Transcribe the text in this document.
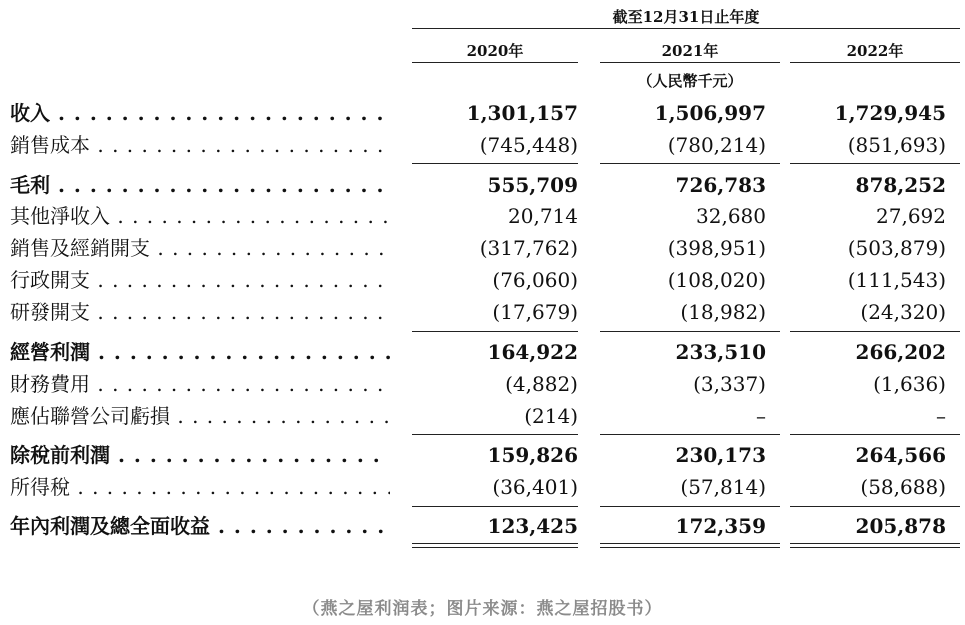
截至12月31日止年度
2020年	2021年	2022年
（人民幣千元）
收入 . . .	1,301,157	1,506,997	1,729,945
銷售成本 . . .	(745,448)	(780,214)	(851,693)
毛利 . . .	555,709	726,783	878,252
其他淨收入 . . .	20,714	32,680	27,692
銷售及經銷開支 . . .	(317,762)	(398,951)	(503,879)
行政開支 . . .	(76,060)	(108,020)	(111,543)
研發開支 . . .	(17,679)	(18,982)	(24,320)
經營利潤 . . .	164,922	233,510	266,202
財務費用 . . .	(4,882)	(3,337)	(1,636)
應佔聯營公司虧損 . . .	(214)	–	–
除稅前利潤 . . .	159,826	230,173	264,566
所得稅 . . .	(36,401)	(57,814)	(58,688)
年內利潤及總全面收益 . . .	123,425	172,359	205,878
（燕之屋利润表；图片来源：燕之屋招股书）
